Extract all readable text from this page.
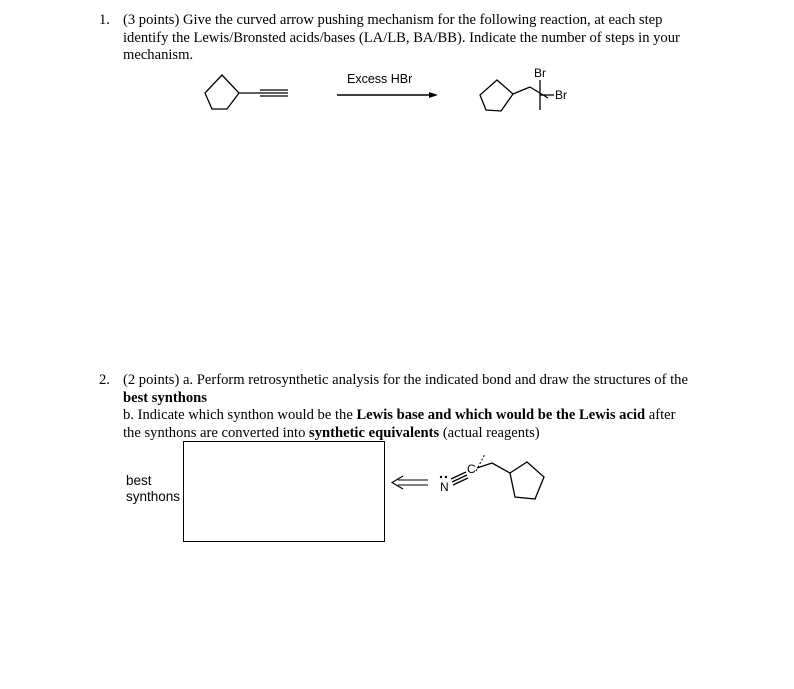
1. (3 points) Give the curved arrow pushing mechanism for the following reaction, at each step
identify the Lewis/Bronsted acids/bases (LA/LB, BA/BB). Indicate the number of steps in your
mechanism.
Excess HBr	Br
Br
2. (2 points) a. Perform retrosynthetic analysis for the indicated bond and draw the structures of the
best synthons
b. Indicate which synthon would be the Lewis base and which would be the Lewis acid after
the synthons are converted into synthetic equivalents (actual reagents)
best
synthons
N
C
